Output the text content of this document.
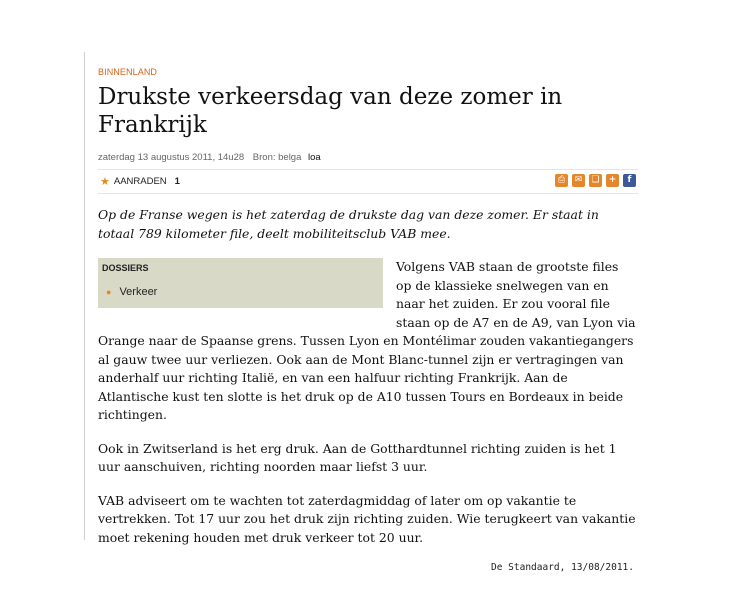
BINNENLAND
Drukste verkeersdag van deze zomer in Frankrijk
zaterdag 13 augustus 2011, 14u28 Bron: belga loa
★ AANRADEN 1	⎙	✉	❏	+	f

Op de Franse wegen is het zaterdag de drukste dag van deze zomer. Er staat in totaal 789 kilometer file, deelt mobiliteitsclub VAB mee.

DOSSIERS
● Verkeer

Volgens VAB staan de grootste files op de klassieke snelwegen van en naar het zuiden. Er zou vooral file staan op de A7 en de A9, van Lyon via Orange naar de Spaanse grens. Tussen Lyon en Montélimar zouden vakantiegangers al gauw twee uur verliezen. Ook aan de Mont Blanc-tunnel zijn er vertragingen van anderhalf uur richting Italië, en van een halfuur richting Frankrijk. Aan de Atlantische kust ten slotte is het druk op de A10 tussen Tours en Bordeaux in beide richtingen.

Ook in Zwitserland is het erg druk. Aan de Gotthardtunnel richting zuiden is het 1 uur aanschuiven, richting noorden maar liefst 3 uur.

VAB adviseert om te wachten tot zaterdagmiddag of later om op vakantie te vertrekken. Tot 17 uur zou het druk zijn richting zuiden. Wie terugkeert van vakantie moet rekening houden met druk verkeer tot 20 uur.

De Standaard, 13/08/2011.
